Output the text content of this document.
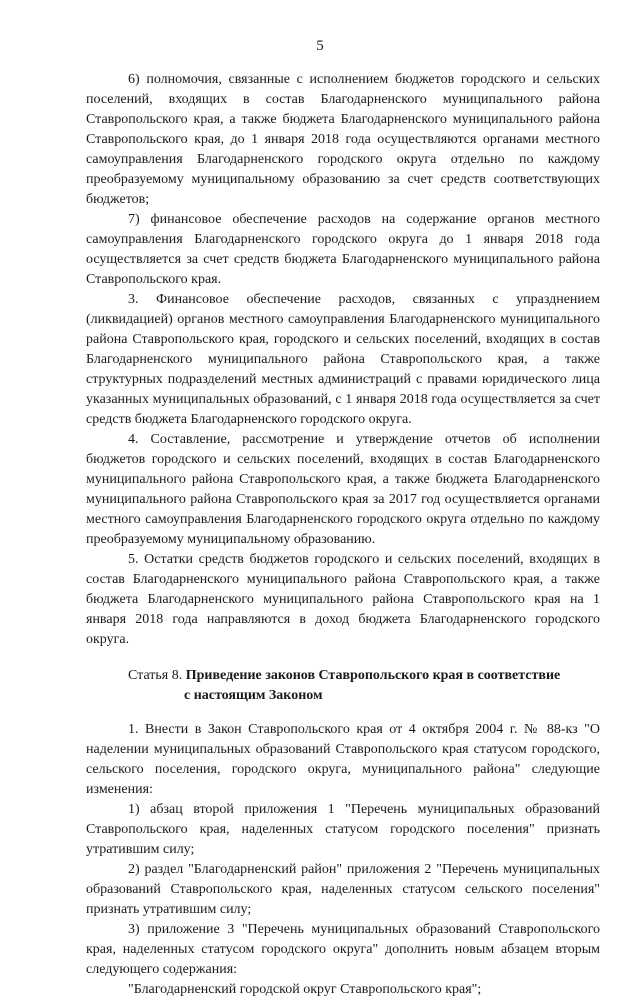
5

6) полномочия, связанные с исполнением бюджетов городского и сельских поселений, входящих в состав Благодарненского муниципального района Ставропольского края, а также бюджета Благодарненского муниципального района Ставропольского края, до 1 января 2018 года осуществляются органами местного самоуправления Благодарненского городского округа отдельно по каждому преобразуемому муниципальному образованию за счет средств соответствующих бюджетов;

7) финансовое обеспечение расходов на содержание органов местного самоуправления Благодарненского городского округа до 1 января 2018 года осуществляется за счет средств бюджета Благодарненского муниципального района Ставропольского края.

3. Финансовое обеспечение расходов, связанных с упразднением (ликвидацией) органов местного самоуправления Благодарненского муниципального района Ставропольского края, городского и сельских поселений, входящих в состав Благодарненского муниципального района Ставропольского края, а также структурных подразделений местных администраций с правами юридического лица указанных муниципальных образований, с 1 января 2018 года осуществляется за счет средств бюджета Благодарненского городского округа.

4. Составление, рассмотрение и утверждение отчетов об исполнении бюджетов городского и сельских поселений, входящих в состав Благодарненского муниципального района Ставропольского края, а также бюджета Благодарненского муниципального района Ставропольского края за 2017 год осуществляется органами местного самоуправления Благодарненского городского округа отдельно по каждому преобразуемому муниципальному образованию.

5. Остатки средств бюджетов городского и сельских поселений, входящих в состав Благодарненского муниципального района Ставропольского края, а также бюджета Благодарненского муниципального района Ставропольского края на 1 января 2018 года направляются в доход бюджета Благодарненского городского округа.

Статья 8. Приведение законов Ставропольского края в соответствие
с настоящим Законом

1. Внести в Закон Ставропольского края от 4 октября 2004 г. № 88-кз "О наделении муниципальных образований Ставропольского края статусом городского, сельского поселения, городского округа, муниципального района" следующие изменения:

1) абзац второй приложения 1 "Перечень муниципальных образований Ставропольского края, наделенных статусом городского поселения" признать утратившим силу;

2) раздел "Благодарненский район" приложения 2 "Перечень муниципальных образований Ставропольского края, наделенных статусом сельского поселения" признать утратившим силу;

3) приложение 3 "Перечень муниципальных образований Ставропольского края, наделенных статусом городского округа" дополнить новым абзацем вторым следующего содержания:

"Благодарненский городской округ Ставропольского края";
